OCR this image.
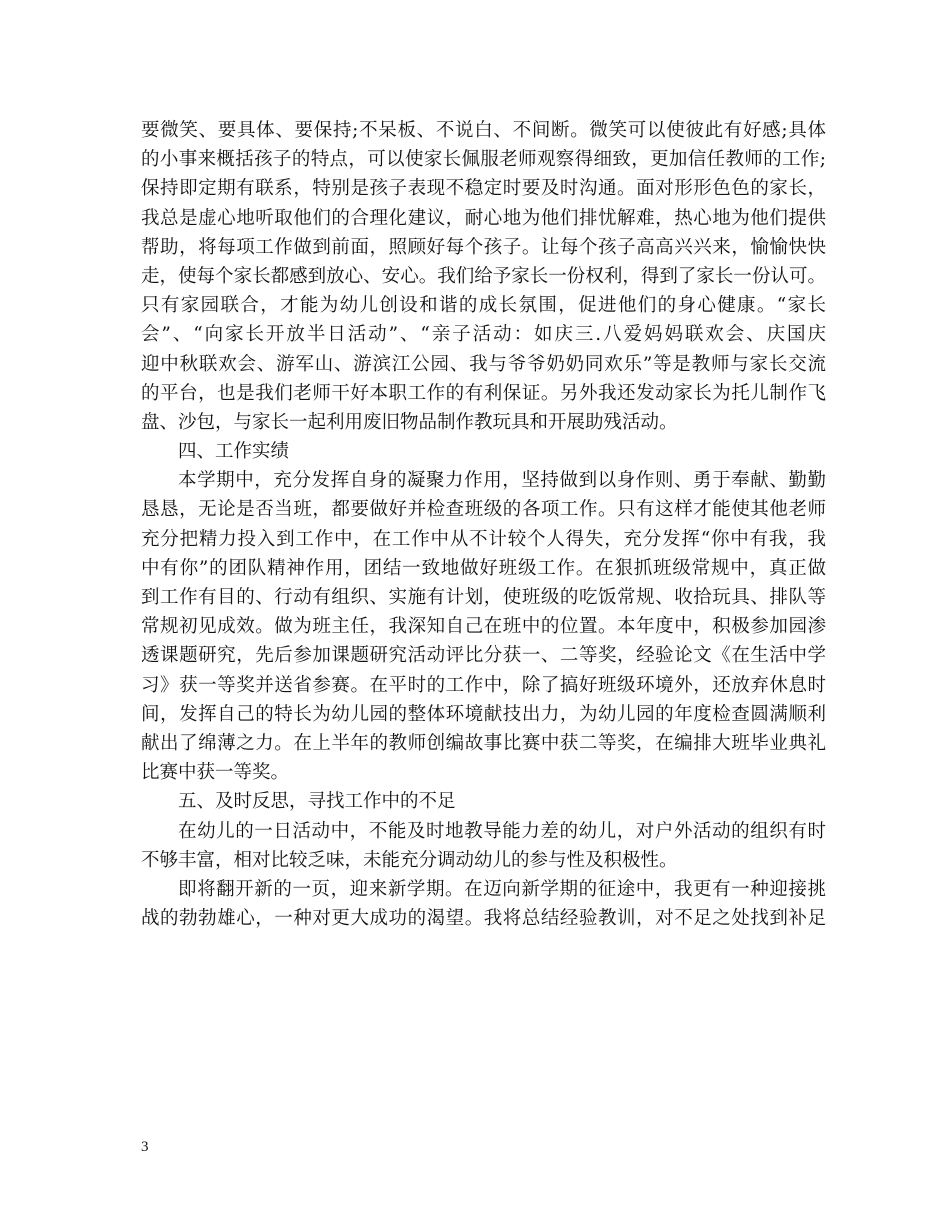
要微笑、要具体、要保持;不呆板、不说白、不间断。微笑可以使彼此有好感;具体
的小事来概括孩子的特点，可以使家长佩服老师观察得细致，更加信任教师的工作;
保持即定期有联系，特别是孩子表现不稳定时要及时沟通。面对形形色色的家长，
我总是虚心地听取他们的合理化建议，耐心地为他们排忧解难，热心地为他们提供
帮助，将每项工作做到前面，照顾好每个孩子。让每个孩子高高兴兴来，愉愉快快
走，使每个家长都感到放心、安心。我们给予家长一份权利，得到了家长一份认可。
只有家园联合，才能为幼儿创设和谐的成长氛围，促进他们的身心健康。“家长
会”、“向家长开放半日活动”、“亲子活动：如庆三.八爱妈妈联欢会、庆国庆
迎中秋联欢会、游军山、游滨江公园、我与爷爷奶奶同欢乐”等是教师与家长交流
的平台，也是我们老师干好本职工作的有利保证。另外我还发动家长为托儿制作飞
盘、沙包，与家长一起利用废旧物品制作教玩具和开展助残活动。
四、工作实绩
本学期中，充分发挥自身的凝聚力作用，坚持做到以身作则、勇于奉献、勤勤
恳恳，无论是否当班，都要做好并检查班级的各项工作。只有这样才能使其他老师
充分把精力投入到工作中，在工作中从不计较个人得失，充分发挥“你中有我，我
中有你”的团队精神作用，团结一致地做好班级工作。在狠抓班级常规中，真正做
到工作有目的、行动有组织、实施有计划，使班级的吃饭常规、收拾玩具、排队等
常规初见成效。做为班主任，我深知自己在班中的位置。本年度中，积极参加园渗
透课题研究，先后参加课题研究活动评比分获一、二等奖，经验论文《在生活中学
习》获一等奖并送省参赛。在平时的工作中，除了搞好班级环境外，还放弃休息时
间，发挥自己的特长为幼儿园的整体环境献技出力，为幼儿园的年度检查圆满顺利
献出了绵薄之力。在上半年的教师创编故事比赛中获二等奖，在编排大班毕业典礼
比赛中获一等奖。
五、及时反思，寻找工作中的不足
在幼儿的一日活动中，不能及时地教导能力差的幼儿，对户外活动的组织有时
不够丰富，相对比较乏味，未能充分调动幼儿的参与性及积极性。
即将翻开新的一页，迎来新学期。在迈向新学期的征途中，我更有一种迎接挑
战的勃勃雄心，一种对更大成功的渴望。我将总结经验教训，对不足之处找到补足
3
